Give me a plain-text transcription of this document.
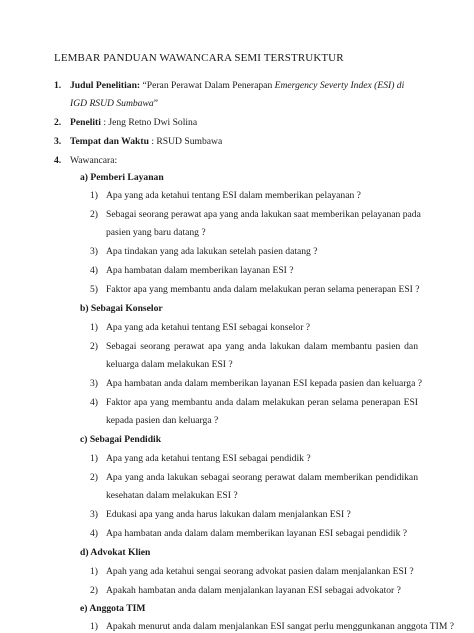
LEMBAR PANDUAN WAWANCARA SEMI TERSTRUKTUR
1. Judul Penelitian: “Peran Perawat Dalam Penerapan Emergency Severty Index (ESI) di
IGD RSUD Sumbawa”
2. Peneliti : Jeng Retno Dwi Solina
3. Tempat dan Waktu : RSUD Sumbawa
4. Wawancara:
a) Pemberi Layanan
1) Apa yang ada ketahui tentang ESI dalam memberikan pelayanan ?
2) Sebagai seorang perawat apa yang anda lakukan saat memberikan pelayanan pada
pasien yang baru datang ?
3) Apa tindakan yang ada lakukan setelah pasien datang ?
4) Apa hambatan dalam memberikan layanan ESI ?
5) Faktor apa yang membantu anda dalam melakukan peran selama penerapan ESI ?
b) Sebagai Konselor
1) Apa yang ada ketahui tentang ESI sebagai konselor ?
2) Sebagai seorang perawat apa yang anda lakukan dalam membantu pasien dan
keluarga dalam melakukan ESI ?
3) Apa hambatan anda dalam memberikan layanan ESI kepada pasien dan keluarga ?
4) Faktor apa yang membantu anda dalam melakukan peran selama penerapan ESI
kepada pasien dan keluarga ?
c) Sebagai Pendidik
1) Apa yang ada ketahui tentang ESI sebagai pendidik ?
2) Apa yang anda lakukan sebagai seorang perawat dalam memberikan pendidikan
kesehatan dalam melakukan ESI ?
3) Edukasi apa yang anda harus lakukan dalam menjalankan ESI ?
4) Apa hambatan anda dalam dalam memberikan layanan ESI sebagai pendidik ?
d) Advokat Klien
1) Apah yang ada ketahui sengai seorang advokat pasien dalam menjalankan ESI ?
2) Apakah hambatan anda dalam menjalankan layanan ESI sebagai advokator ?
e) Anggota TIM
1) Apakah menurut anda dalam menjalankan ESI sangat perlu menggunkanan anggota TIM ?
